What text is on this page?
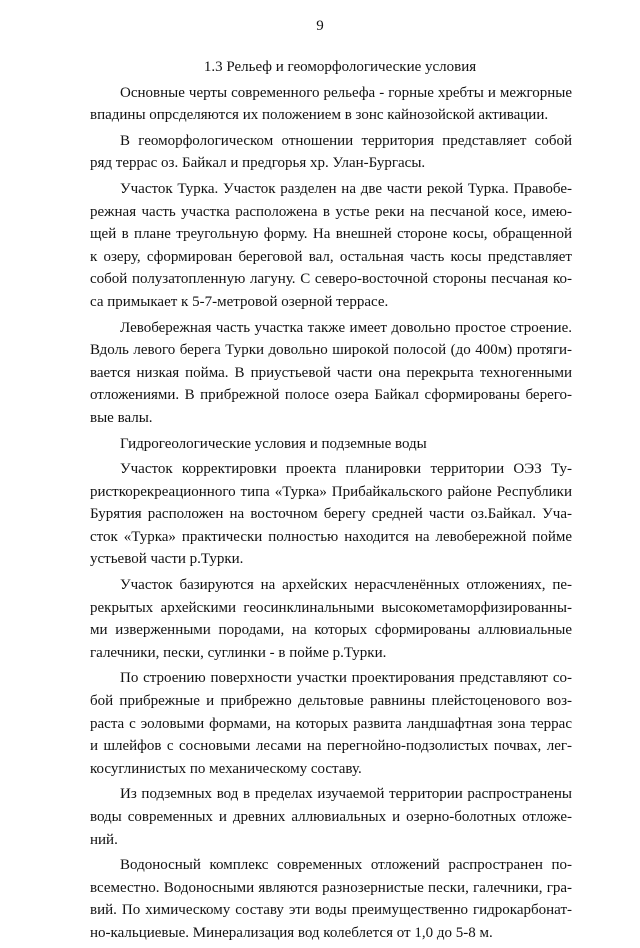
9
1.3 Рельеф и геоморфологические условия
Основные черты современного рельефа - горные хребты и межгорные
впадины опрсделяются их положением в зонс кайнозойской активации.
В геоморфологическом отношении территория представляет собой
ряд террас оз. Байкал и предгорья хр. Улан-Бургасы.
Участок Турка. Участок разделен на две части рекой Турка. Правобе-
режная часть участка расположена в устье реки на песчаной косе, имею-
щей в плане треугольную форму. На внешней стороне косы, обращенной
к озеру, сформирован береговой вал, остальная часть косы представляет
собой полузатопленную лагуну. С северо-восточной стороны песчаная ко-
са примыкает к 5-7-метровой озерной террасе.
Левобережная часть участка также имеет довольно простое строение.
Вдоль левого берега Турки довольно широкой полосой (до 400м) протяги-
вается низкая пойма. В приустьевой части она перекрыта техногенными
отложениями. В прибрежной полосе озера Байкал сформированы берего-
вые валы.
Гидрогеологические условия и подземные воды
Участок корректировки проекта планировки территории ОЭЗ Ту-
ристкорекреационного типа «Турка» Прибайкальского районе Республики
Бурятия расположен на восточном берегу средней части оз.Байкал. Уча-
сток «Турка» практически полностью находится на левобережной пойме
устьевой части р.Турки.
Участок базируются на архейских нерасчленённых отложениях, пе-
рекрытых архейскими геосинклинальными высокометаморфизированны-
ми изверженными породами, на которых сформированы аллювиальные
галечники, пески, суглинки - в пойме р.Турки.
По строению поверхности участки проектирования представляют со-
бой прибрежные и прибрежно дельтовые равнины плейстоценового воз-
раста с эоловыми формами, на которых развита ландшафтная зона террас
и шлейфов с сосновыми лесами на перегнойно-подзолистых почвах, лег-
косуглинистых по механическому составу.
Из подземных вод в пределах изучаемой территории распространены
воды современных и древних аллювиальных и озерно-болотных отложе-
ний.
Водоносный комплекс современных отложений распространен по-
всеместно. Водоносными являются разнозернистые пески, галечники, гра-
вий. По химическому составу эти воды преимущественно гидрокарбонат-
но-кальциевые. Минерализация вод колеблется от 1,0 до 5-8 м.
